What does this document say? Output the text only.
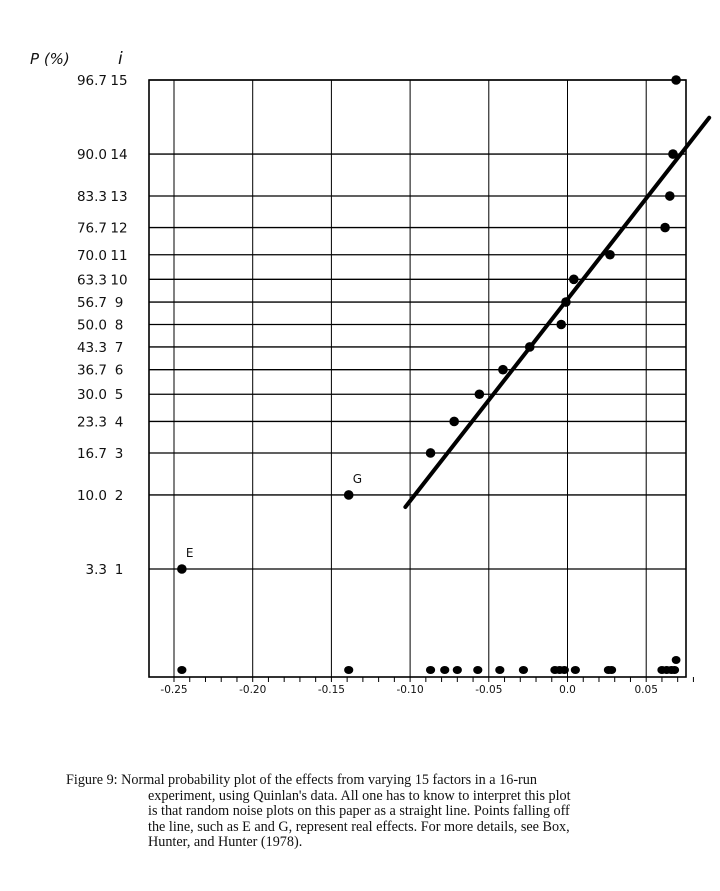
P (%)	i
-0.25	-0.20	-0.15	-0.10	-0.05	0.0	0.05
3.3 1
10.0 2
16.7 3
23.3 4
30.0 5
36.7 6
43.3 7
50.0 8
56.7 9
63.3 10
70.0 11
76.7 12
83.3 13
90.0 14
96.7 15
E
G
Figure 9: Normal probability plot of the effects from varying 15 factors in a 16-run
experiment, using Quinlan's data. All one has to know to interpret this plot
is that random noise plots on this paper as a straight line. Points falling off
the line, such as E and G, represent real effects. For more details, see Box,
Hunter, and Hunter (1978).
